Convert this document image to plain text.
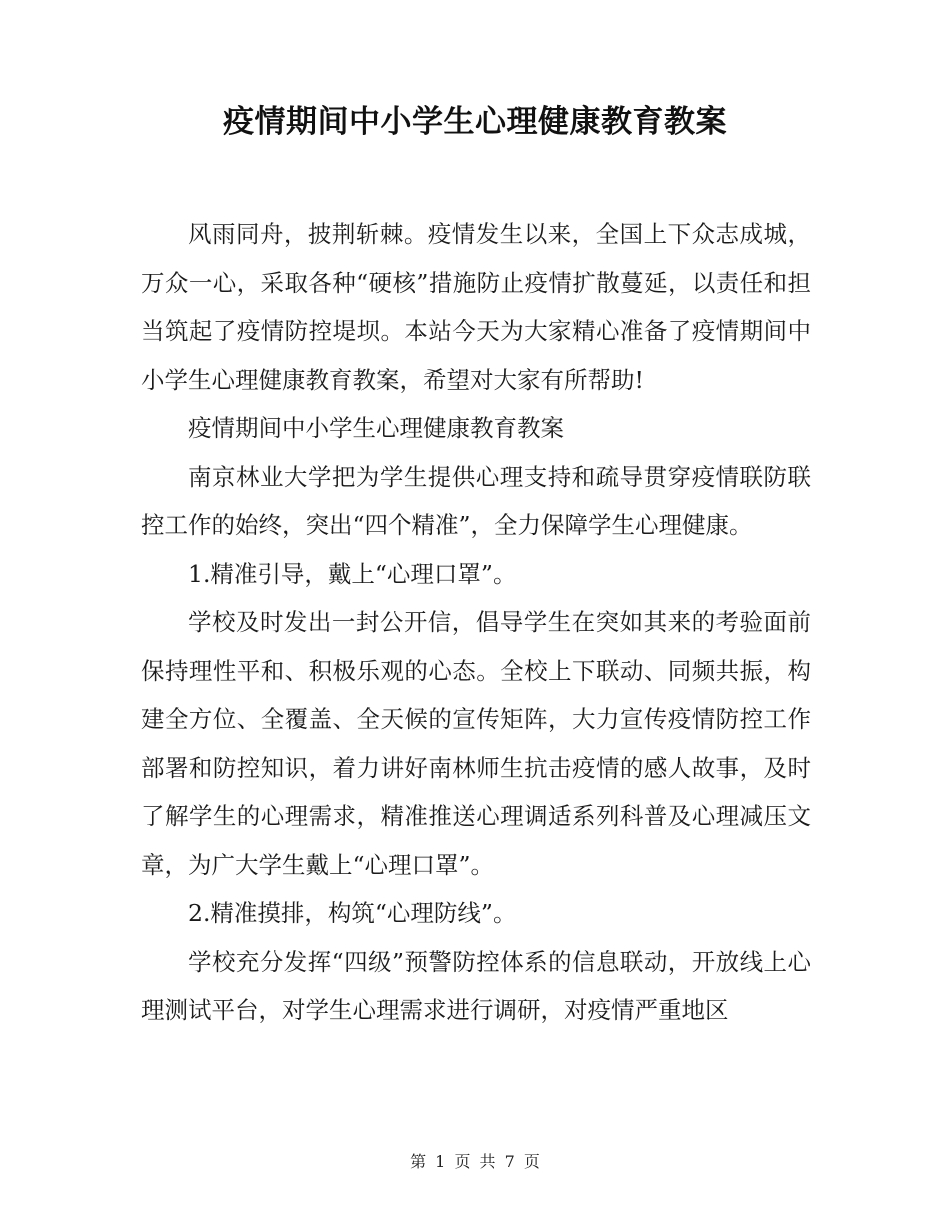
疫情期间中小学生心理健康教育教案

风雨同舟，披荆斩棘。疫情发生以来，全国上下众志成城，万众一心，采取各种“硬核”措施防止疫情扩散蔓延，以责任和担当筑起了疫情防控堤坝。本站今天为大家精心准备了疫情期间中小学生心理健康教育教案，希望对大家有所帮助!

疫情期间中小学生心理健康教育教案

南京林业大学把为学生提供心理支持和疏导贯穿疫情联防联控工作的始终，突出“四个精准”，全力保障学生心理健康。

1.精准引导，戴上“心理口罩”。

学校及时发出一封公开信，倡导学生在突如其来的考验面前保持理性平和、积极乐观的心态。全校上下联动、同频共振，构建全方位、全覆盖、全天候的宣传矩阵，大力宣传疫情防控工作部署和防控知识，着力讲好南林师生抗击疫情的感人故事，及时了解学生的心理需求，精准推送心理调适系列科普及心理减压文章，为广大学生戴上“心理口罩”。

2.精准摸排，构筑“心理防线”。

学校充分发挥“四级”预警防控体系的信息联动，开放线上心理测试平台，对学生心理需求进行调研，对疫情严重地区

第 1 页 共 7 页
